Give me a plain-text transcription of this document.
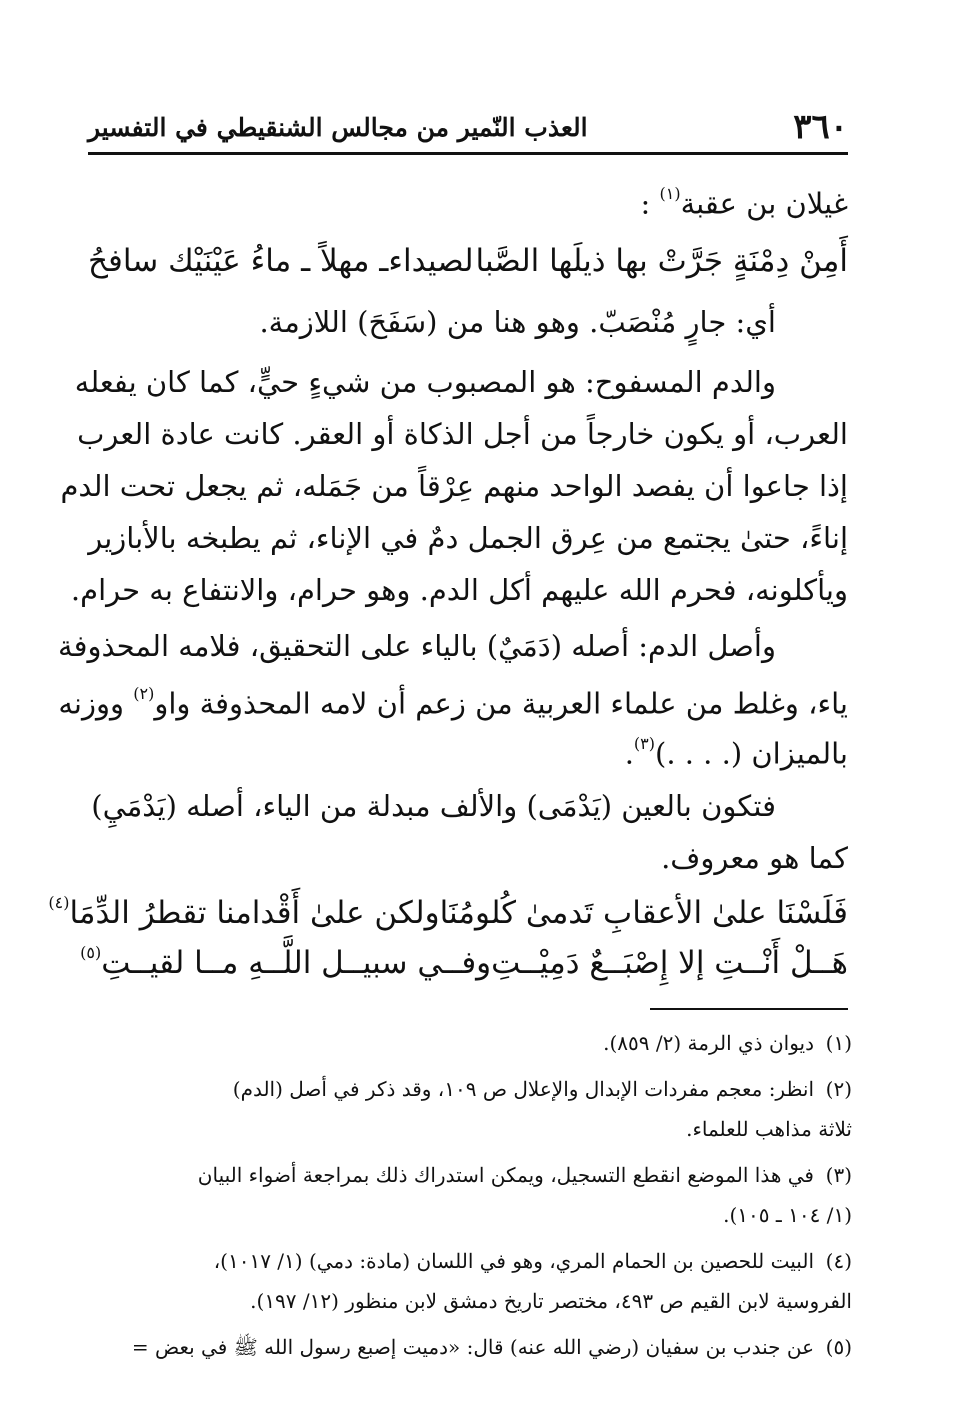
٣٦٠
العذب النّمير من مجالس الشنقيطي في التفسير
غيلان بن عقبة$^{(١)}$ :
أَمِنْ دِمْنَةٍ جَرَّتْ بها ذيلَها الصَّبا
لصيداءـ مهلاً ـ ماءُ عَيْنَيْك سافحُ
أي: جارٍ مُنْصَبّ. وهو هنا من (سَفَحَ) اللازمة.
والدم المسفوح: هو المصبوب من شيءٍ حيٍّ، كما كان يفعله
العرب، أو يكون خارجاً من أجل الذكاة أو العقر. كانت عادة العرب
إذا جاعوا أن يفصد الواحد منهم عِرْقاً من جَمَله، ثم يجعل تحت الدم
إناءً، حتىٰ يجتمع من عِرق الجمل دمٌ في الإناء، ثم يطبخه بالأبازير
ويأكلونه، فحرم الله عليهم أكل الدم. وهو حرام، والانتفاع به حرام.
وأصل الدم: أصله (دَمَيٌ) بالياء على التحقيق، فلامه المحذوفة
ياء، وغلط من علماء العربية من زعم أن لامه المحذوفة واو$^{(٢)}$ ووزنه
بالميزان (. . . .)$^{(٣)}$.
فتكون بالعين (يَدْمَى) والألف مبدلة من الياء، أصله (يَدْمَيِ)
كما هو معروف.
فَلَسْنَا علىٰ الأعقابِ تَدمىٰ كُلومُنَا
ولكن علىٰ أَقْدامنا تقطرُ الدِّمَا$^{(٤)}$
هَــلْ أَنْــتِ إلا إِصْبَــعٌ دَمِيْــتِ
وفــي سبيــل اللَّــهِ مــا لقيــتِ$^{(٥)}$
(١)ديوان ذي الرمة (٢/ ٨٥٩).
(٢)انظر: معجم مفردات الإبدال والإعلال ص ١٠٩، وقد ذكر في أصل (الدم)
ثلاثة مذاهب للعلماء.
(٣)في هذا الموضع انقطع التسجيل، ويمكن استدراك ذلك بمراجعة أضواء البيان
(١/ ١٠٤ ـ ١٠٥).
(٤)البيت للحصين بن الحمام المري، وهو في اللسان (مادة: دمي) (١/ ١٠١٧)،
الفروسية لابن القيم ص ٤٩٣، مختصر تاريخ دمشق لابن منظور (١٢/ ١٩٧).
(٥)عن جندب بن سفيان (رضي الله عنه) قال: «دميت إصبع رسول الله ﷺ في بعض =
